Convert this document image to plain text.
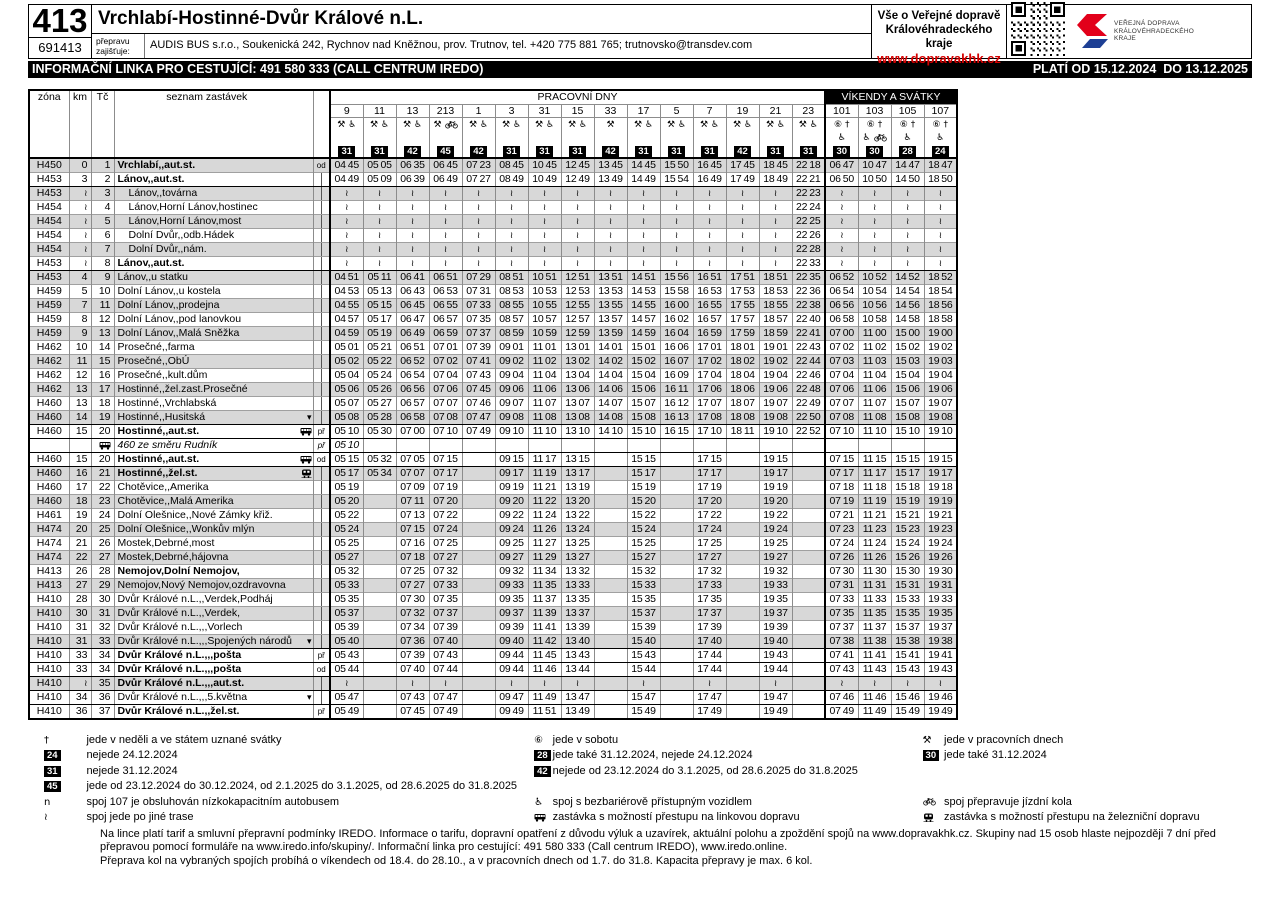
413
691413
Vrchlabí-Hostinné-Dvůr Králové n.L.
přepravu
zajišťuje:	AUDIS BUS s.r.o., Soukenická 242, Rychnov nad Kněžnou, prov. Trutnov, tel. +420 775 881 765; trutnovsko@transdev.com
Vše o Veřejné dopravě
Královéhradeckého kraje
www.dopravakhk.cz
VEŘEJNÁ DOPRAVA
KRÁLOVÉHRADECKÉHO
KRAJE
INFORMAČNÍ LINKA PRO CESTUJÍCÍ: 491 580 333 (CALL CENTRUM IREDO)	PLATÍ OD 15.12.2024  DO 13.12.2025
zóna	km	Tč	seznam zastávek			PRACOVNÍ DNY															VÍKENDY A SVÁTKY			
						9	11	13	213	1	3	31	15	33	17	5	7	19	21	23	101	103	105	107
						⚒ ♿	⚒ ♿	⚒ ♿	⚒	⚒ ♿	⚒ ♿	⚒ ♿	⚒ ♿	⚒	⚒ ♿	⚒ ♿	⚒ ♿	⚒ ♿	⚒ ♿	⚒ ♿	⑥ †	⑥ †	⑥ †	⑥ †
																					♿	♿	♿	♿
						31	31	42	45	42	31	31	31	42	31	31	31	42	31	31	30	30	28	24
H450	0	1	Vrchlabí,,aut.st.		od	04 45	05 05	06 35	06 45	07 23	08 45	10 45	12 45	13 45	14 45	15 50	16 45	17 45	18 45	22 18	06 47	10 47	14 47	18 47
H453	3	2	Lánov,,aut.st.			04 49	05 09	06 39	06 49	07 27	08 49	10 49	12 49	13 49	14 49	15 54	16 49	17 49	18 49	22 21	06 50	10 50	14 50	18 50
H453	≀	3	Lánov,,továrna			≀	≀	≀	≀	≀	≀	≀	≀	≀	≀	≀	≀	≀	≀	22 23	≀	≀	≀	≀
H454	≀	4	Lánov,Horní Lánov,hostinec			≀	≀	≀	≀	≀	≀	≀	≀	≀	≀	≀	≀	≀	≀	22 24	≀	≀	≀	≀
H454	≀	5	Lánov,Horní Lánov,most			≀	≀	≀	≀	≀	≀	≀	≀	≀	≀	≀	≀	≀	≀	22 25	≀	≀	≀	≀
H454	≀	6	Dolní Dvůr,,odb.Hádek			≀	≀	≀	≀	≀	≀	≀	≀	≀	≀	≀	≀	≀	≀	22 26	≀	≀	≀	≀
H454	≀	7	Dolní Dvůr,,nám.			≀	≀	≀	≀	≀	≀	≀	≀	≀	≀	≀	≀	≀	≀	22 28	≀	≀	≀	≀
H453	≀	8	Lánov,,aut.st.			≀	≀	≀	≀	≀	≀	≀	≀	≀	≀	≀	≀	≀	≀	22 33	≀	≀	≀	≀
H453	4	9	Lánov,,u statku			04 51	05 11	06 41	06 51	07 29	08 51	10 51	12 51	13 51	14 51	15 56	16 51	17 51	18 51	22 35	06 52	10 52	14 52	18 52
H459	5	10	Dolní Lánov,,u kostela			04 53	05 13	06 43	06 53	07 31	08 53	10 53	12 53	13 53	14 53	15 58	16 53	17 53	18 53	22 36	06 54	10 54	14 54	18 54
H459	7	11	Dolní Lánov,,prodejna			04 55	05 15	06 45	06 55	07 33	08 55	10 55	12 55	13 55	14 55	16 00	16 55	17 55	18 55	22 38	06 56	10 56	14 56	18 56
H459	8	12	Dolní Lánov,,pod lanovkou			04 57	05 17	06 47	06 57	07 35	08 57	10 57	12 57	13 57	14 57	16 02	16 57	17 57	18 57	22 40	06 58	10 58	14 58	18 58
H459	9	13	Dolní Lánov,,Malá Sněžka			04 59	05 19	06 49	06 59	07 37	08 59	10 59	12 59	13 59	14 59	16 04	16 59	17 59	18 59	22 41	07 00	11 00	15 00	19 00
H462	10	14	Prosečné,,farma			05 01	05 21	06 51	07 01	07 39	09 01	11 01	13 01	14 01	15 01	16 06	17 01	18 01	19 01	22 43	07 02	11 02	15 02	19 02
H462	11	15	Prosečné,,ObÚ			05 02	05 22	06 52	07 02	07 41	09 02	11 02	13 02	14 02	15 02	16 07	17 02	18 02	19 02	22 44	07 03	11 03	15 03	19 03
H462	12	16	Prosečné,,kult.dům			05 04	05 24	06 54	07 04	07 43	09 04	11 04	13 04	14 04	15 04	16 09	17 04	18 04	19 04	22 46	07 04	11 04	15 04	19 04
H462	13	17	Hostinné,,žel.zast.Prosečné			05 06	05 26	06 56	07 06	07 45	09 06	11 06	13 06	14 06	15 06	16 11	17 06	18 06	19 06	22 48	07 06	11 06	15 06	19 06
H460	13	18	Hostinné,,Vrchlabská			05 07	05 27	06 57	07 07	07 46	09 07	11 07	13 07	14 07	15 07	16 12	17 07	18 07	19 07	22 49	07 07	11 07	15 07	19 07
H460	14	19	Hostinné,,Husitská	▾		05 08	05 28	06 58	07 08	07 47	09 08	11 08	13 08	14 08	15 08	16 13	17 08	18 08	19 08	22 50	07 08	11 08	15 08	19 08
H460	15	20	Hostinné,,aut.st.		př	05 10	05 30	07 00	07 10	07 49	09 10	11 10	13 10	14 10	15 10	16 15	17 10	18 11	19 10	22 52	07 10	11 10	15 10	19 10
			460 ze směru Rudník		př	05 10																		
H460	15	20	Hostinné,,aut.st.		od	05 15	05 32	07 05	07 15		09 15	11 17	13 15		15 15		17 15		19 15		07 15	11 15	15 15	19 15
H460	16	21	Hostinné,,žel.st.			05 17	05 34	07 07	07 17		09 17	11 19	13 17		15 17		17 17		19 17		07 17	11 17	15 17	19 17
H460	17	22	Chotěvice,,Amerika			05 19		07 09	07 19		09 19	11 21	13 19		15 19		17 19		19 19		07 18	11 18	15 18	19 18
H460	18	23	Chotěvice,,Malá Amerika			05 20		07 11	07 20		09 20	11 22	13 20		15 20		17 20		19 20		07 19	11 19	15 19	19 19
H461	19	24	Dolní Olešnice,,Nové Zámky křiž.			05 22		07 13	07 22		09 22	11 24	13 22		15 22		17 22		19 22		07 21	11 21	15 21	19 21
H474	20	25	Dolní Olešnice,,Wonkův mlýn			05 24		07 15	07 24		09 24	11 26	13 24		15 24		17 24		19 24		07 23	11 23	15 23	19 23
H474	21	26	Mostek,Debrné,most			05 25		07 16	07 25		09 25	11 27	13 25		15 25		17 25		19 25		07 24	11 24	15 24	19 24
H474	22	27	Mostek,Debrné,hájovna			05 27		07 18	07 27		09 27	11 29	13 27		15 27		17 27		19 27		07 26	11 26	15 26	19 26
H413	26	28	Nemojov,Dolní Nemojov,			05 32		07 25	07 32		09 32	11 34	13 32		15 32		17 32		19 32		07 30	11 30	15 30	19 30
H413	27	29	Nemojov,Nový Nemojov,ozdravovna			05 33		07 27	07 33		09 33	11 35	13 33		15 33		17 33		19 33		07 31	11 31	15 31	19 31
H410	28	30	Dvůr Králové n.L.,,Verdek,Podháj			05 35		07 30	07 35		09 35	11 37	13 35		15 35		17 35		19 35		07 33	11 33	15 33	19 33
H410	30	31	Dvůr Králové n.L.,,Verdek,			05 37		07 32	07 37		09 37	11 39	13 37		15 37		17 37		19 37		07 35	11 35	15 35	19 35
H410	31	32	Dvůr Králové n.L.,,,Vorlech			05 39		07 34	07 39		09 39	11 41	13 39		15 39		17 39		19 39		07 37	11 37	15 37	19 37
H410	31	33	Dvůr Králové n.L.,,,Spojených národů	▾		05 40		07 36	07 40		09 40	11 42	13 40		15 40		17 40		19 40		07 38	11 38	15 38	19 38
H410	33	34	Dvůr Králové n.L.,,,pošta		př	05 43		07 39	07 43		09 44	11 45	13 43		15 43		17 44		19 43		07 41	11 41	15 41	19 41
H410	33	34	Dvůr Králové n.L.,,,pošta		od	05 44		07 40	07 44		09 44	11 46	13 44		15 44		17 44		19 44		07 43	11 43	15 43	19 43
H410	≀	35	Dvůr Králové n.L.,,,aut.st.			≀		≀	≀		≀	≀	≀		≀		≀		≀		≀	≀	≀	≀
H410	34	36	Dvůr Králové n.L.,,,5.května	▾		05 47		07 43	07 47		09 47	11 49	13 47		15 47		17 47		19 47		07 46	11 46	15 46	19 46
H410	36	37	Dvůr Králové n.L.,,žel.st.		př	05 49		07 45	07 49		09 49	11 51	13 49		15 49		17 49		19 49		07 49	11 49	15 49	19 49
†	jede v neděli a ve státem uznané svátky	⑥	jede v sobotu	⚒	jede v pracovních dnech
24	nejede 24.12.2024	28	jede také 31.12.2024, nejede 24.12.2024	30	jede také 31.12.2024
31	nejede 31.12.2024	42	nejede od 23.12.2024 do 3.1.2025, od 28.6.2025 do 31.8.2025		
45	jede od 23.12.2024 do 30.12.2024, od 2.1.2025 do 3.1.2025, od 28.6.2025 do 31.8.2025				
n	spoj 107 je obsluhován nízkokapacitním autobusem	♿	spoj s bezbariérově přístupným vozidlem		spoj přepravuje jízdní kola
≀	spoj jede po jiné trase		zastávka s možností přestupu na linkovou dopravu		zastávka s možností přestupu na železniční dopravu
Na lince platí tarif a smluvní přepravní podmínky IREDO. Informace o tarifu, dopravní opatření z důvodu výluk a uzavírek, aktuální polohu a zpoždění spojů na www.dopravakhk.cz. Skupiny nad 15 osob hlaste nejpozději 7 dní před přepravou pomocí formuláře na www.iredo.info/skupiny/. Informační linka pro cestující: 491 580 333 (Call centrum IREDO), www.iredo.online.
Přeprava kol na vybraných spojích probíhá o víkendech od 18.4. do 28.10., a v pracovních dnech od 1.7. do 31.8. Kapacita přepravy je max. 6 kol.
